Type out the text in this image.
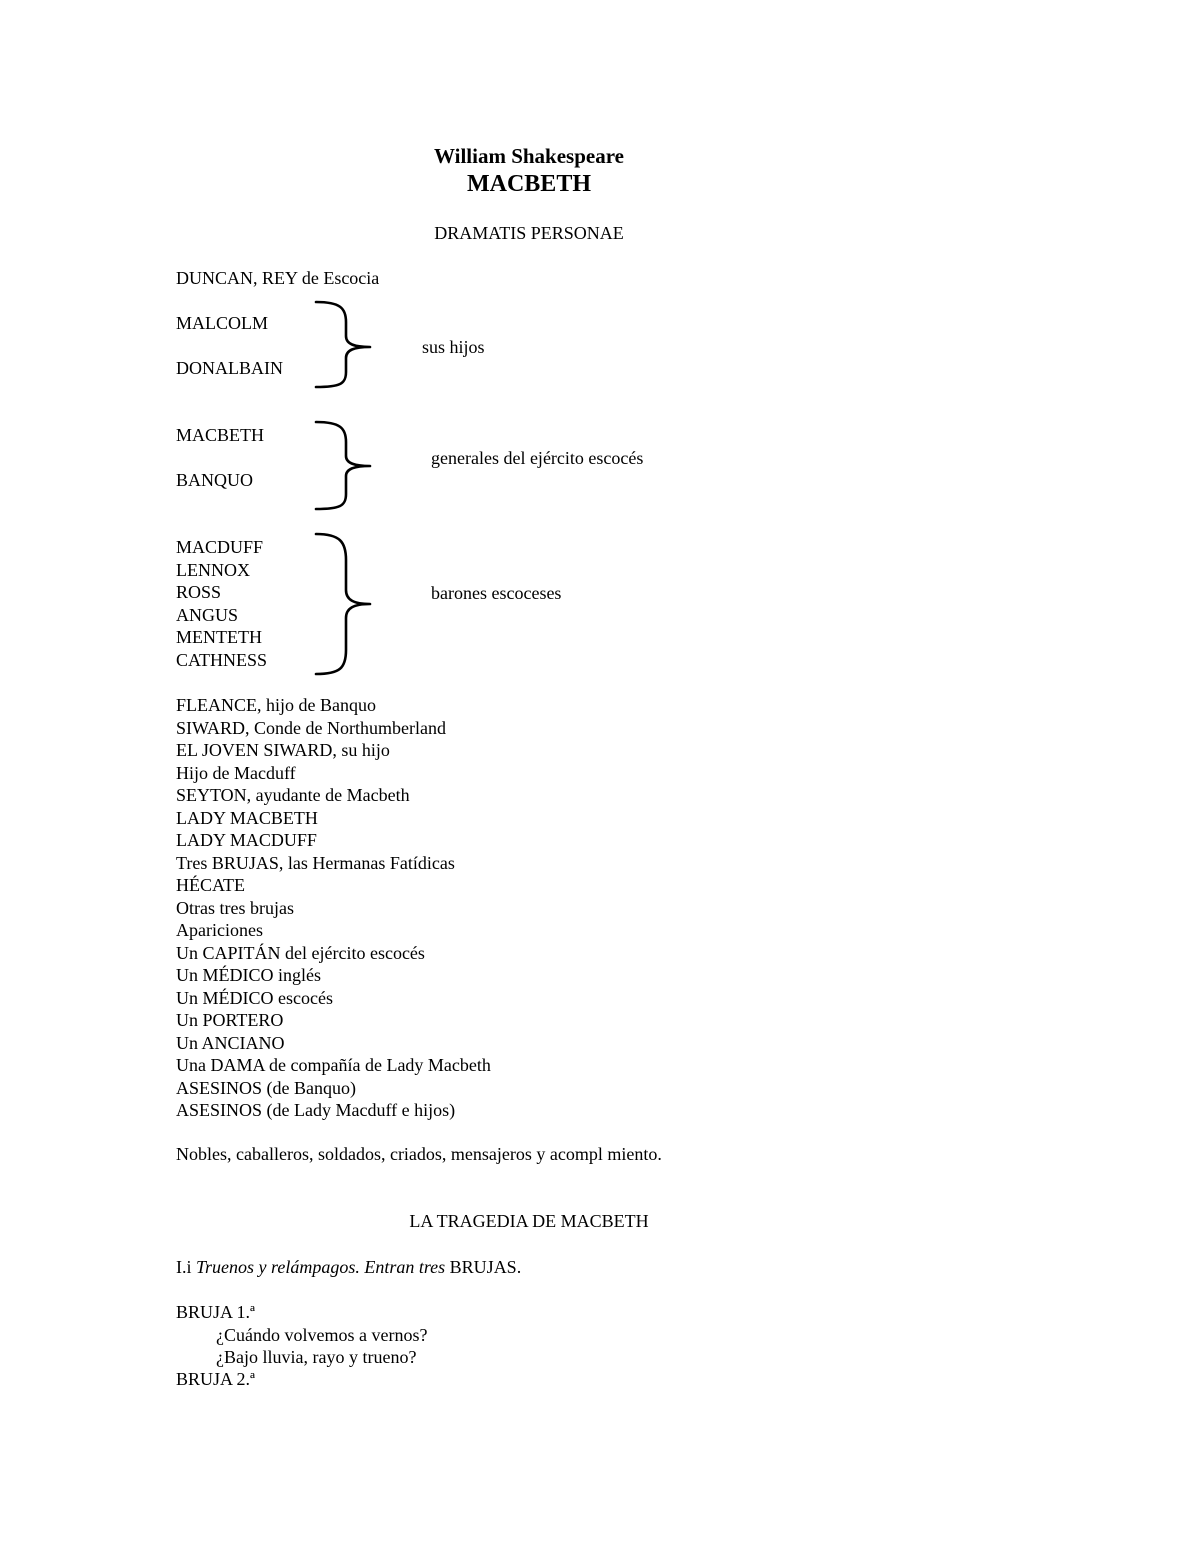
William Shakespeare
MACBETH
DRAMATIS PERSONAE
DUNCAN, REY de Escocia
MALCOLM
DONALBAIN
sus hijos
MACBETH
BANQUO
generales del ejército escocés
MACDUFF
LENNOX
ROSS
ANGUS
MENTETH
CATHNESS
barones escoceses
FLEANCE, hijo de Banquo
SIWARD, Conde de Northumberland
EL JOVEN SIWARD, su hijo
Hijo de Macduff
SEYTON, ayudante de Macbeth
LADY MACBETH
LADY MACDUFF
Tres BRUJAS, las Hermanas Fatídicas
HÉCATE
Otras tres brujas
Apariciones
Un CAPITÁN del ejército escocés
Un MÉDICO inglés
Un MÉDICO escocés
Un PORTERO
Un ANCIANO
Una DAMA de compañía de Lady Macbeth
ASESINOS (de Banquo)
ASESINOS (de Lady Macduff e hijos)
Nobles, caballeros, soldados, criados, mensajeros y acompl miento.
LA TRAGEDIA DE MACBETH
I.i Truenos y relámpagos. Entran tres BRUJAS.
BRUJA 1.ª
¿Cuándo volvemos a vernos?
¿Bajo lluvia, rayo y trueno?
BRUJA 2.ª
